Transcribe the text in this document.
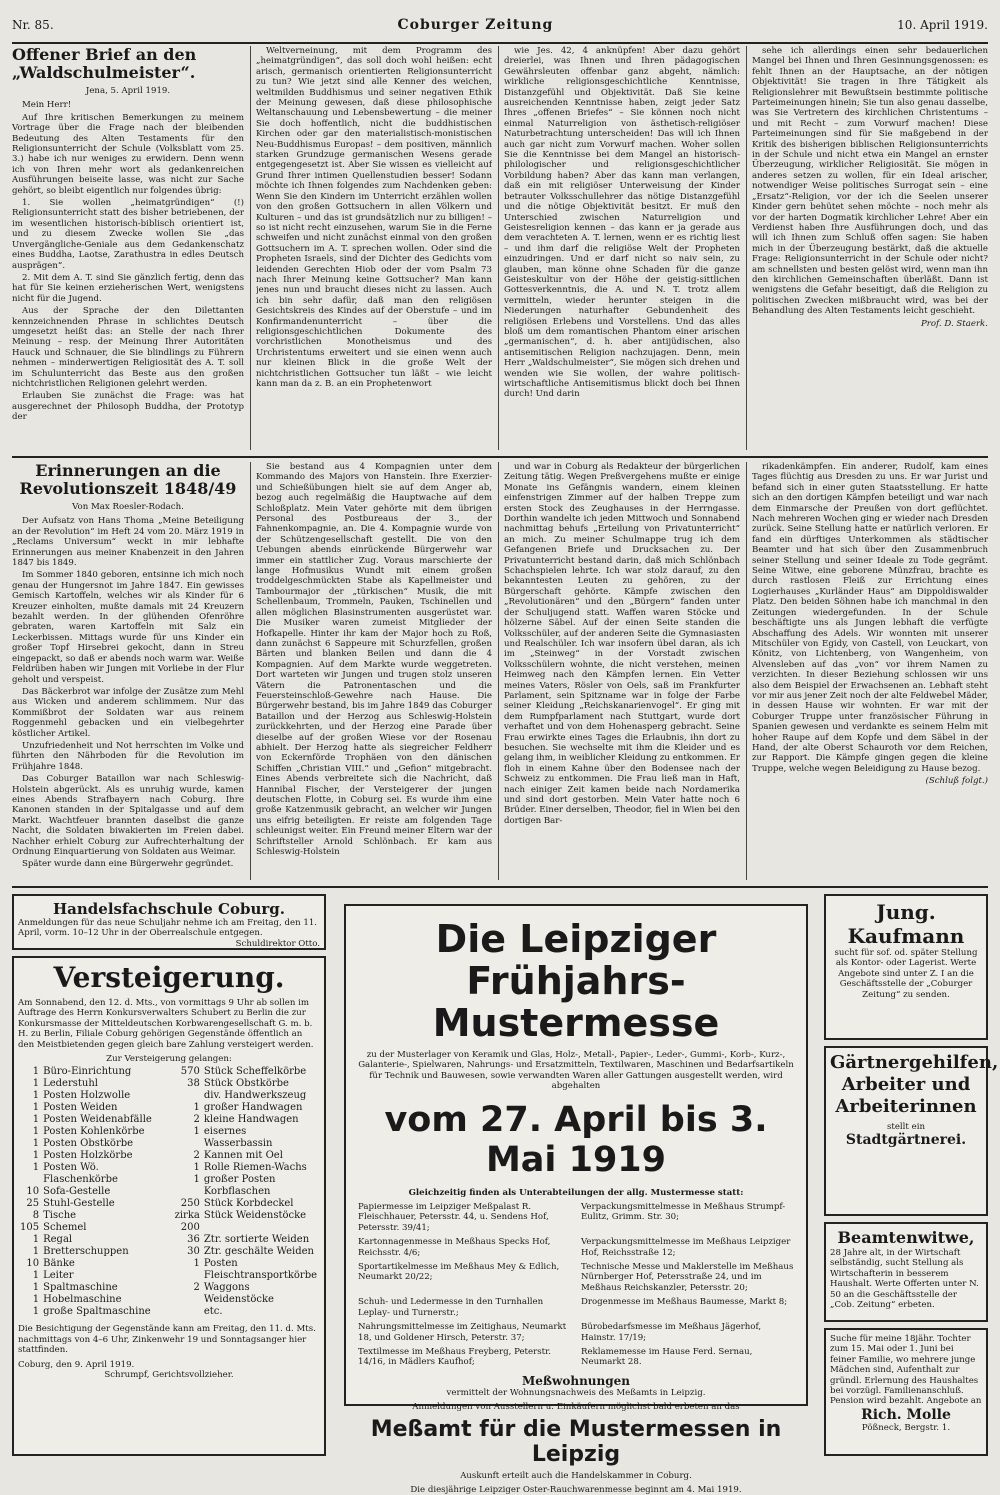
Nr. 85.	Coburger Zeitung	10. April 1919.
Offener Brief an den „Waldschulmeister“.
Jena, 5. April 1919.

Mein Herr!

Auf Ihre kritischen Bemerkungen zu meinem Vortrage über die Frage nach der bleibenden Bedeutung des Alten Testaments für den Religionsunterricht der Schule (Volksblatt vom 25. 3.) habe ich nur weniges zu erwidern. Denn wenn ich von Ihren mehr wort als gedankenreichen Ausführungen beiseite lasse, was nicht zur Sache gehört, so bleibt eigentlich nur folgendes übrig:

1. Sie wollen „heimatgründigen“ (!) Religionsunterricht statt des bisher betriebenen, der im wesentlichen historisch-biblisch orientiert ist, und zu diesem Zwecke wollen Sie „das Unvergängliche-Geniale aus dem Gedankenschatz eines Buddha, Laotse, Zarathustra in edles Deutsch ausprägen“.

2. Mit dem A. T. sind Sie gänzlich fertig, denn das hat für Sie keinen erzieherischen Wert, wenigstens nicht für die Jugend.

Aus der Sprache der den Dilettanten kennzeichnenden Phrase in schlichtes Deutsch umgesetzt heißt das: an Stelle der nach Ihrer Meinung – resp. der Meinung Ihrer Autoritäten Hauck und Schnauer, die Sie blindlings zu Führern nehmen – minderwertigen Religiosität des A. T. soll im Schulunterricht das Beste aus den großen nichtchristlichen Religionen gelehrt werden.

Erlauben Sie zunächst die Frage: was hat ausgerechnet der Philosoph Buddha, der Prototyp der

Weltverneinung, mit dem Programm des „heimatgründigen“, das soll doch wohl heißen: echt arisch, germanisch orientierten Religionsunterricht zu tun? Wie jetzt sind alle Kenner des weichen, weltmilden Buddhismus und seiner negativen Ethik der Meinung gewesen, daß diese philosophische Weltanschauung und Lebensbewertung – die meiner Sie doch hoffentlich, nicht die buddhistischen Kirchen oder gar den materialistisch-monistischen Neu-Buddhismus Europas! – dem positiven, männlich starken Grundzuge germanischen Wesens gerade entgegengesetzt ist. Aber Sie wissen es vielleicht auf Grund Ihrer intimen Quellenstudien besser! Sodann möchte ich Ihnen folgendes zum Nachdenken geben: Wenn Sie den Kindern im Unterricht erzählen wollen von den großen Gottsuchern in allen Völkern und Kulturen – und das ist grundsätzlich nur zu billigen! – so ist nicht recht einzusehen, warum Sie in die Ferne schweifen und nicht zunächst einmal von den großen Gottsuchern im A. T. sprechen wollen. Oder sind die Propheten Israels, sind der Dichter des Gedichts vom leidenden Gerechten Hiob oder der vom Psalm 73 nach Ihrer Meinung keine Gottsucher? Man kann jenes nun und braucht dieses nicht zu lassen. Auch ich bin sehr dafür, daß man den religiösen Gesichtskreis des Kindes auf der Oberstufe – und im Konfirmandenunterricht – über die religionsgeschichtlichen Dokumente des vorchristlichen Monotheismus und des Urchristentums erweitert und sie einen wenn auch nur kleinen Blick in die große Welt der nichtchristlichen Gottsucher tun läßt – wie leicht kann man da z. B. an ein Prophetenwort

wie Jes. 42, 4 anknüpfen! Aber dazu gehört dreierlei, was Ihnen und Ihren pädagogischen Gewährsleuten offenbar ganz abgeht, nämlich: wirkliche religionsgeschichtliche Kenntnisse, Distanzgefühl und Objektivität. Daß Sie keine ausreichenden Kenntnisse haben, zeigt jeder Satz Ihres „offenen Briefes“ – Sie können noch nicht einmal Naturreligion von ästhetisch-religiöser Naturbetrachtung unterscheiden! Das will ich Ihnen auch gar nicht zum Vorwurf machen. Woher sollen Sie die Kenntnisse bei dem Mangel an historisch-philologischer und religionsgeschichtlicher Vorbildung haben? Aber das kann man verlangen, daß ein mit religiöser Unterweisung der Kinder betrauter Volksschullehrer das nötige Distanzgefühl und die nötige Objektivität besitzt. Er muß den Unterschied zwischen Naturreligion und Geistesreligion kennen – das kann er ja gerade aus dem verachteten A. T. lernen, wenn er es richtig liest – und ihm darf die religiöse Welt der Propheten einzudringen. Und er darf nicht so naiv sein, zu glauben, man könne ohne Schaden für die ganze Geisteskultur von der Höhe der geistig-sittlichen Gottesverkenntnis, die A. und N. T. trotz allem vermitteln, wieder herunter steigen in die Niederungen naturhafter Gebundenheit des religiösen Erlebens und Vorstellens. Und das alles bloß um dem romantischen Phantom einer arischen „germanischen“, d. h. aber antijüdischen, also antisemitischen Religion nachzujagen. Denn, mein Herr „Waldschulmeister“, Sie mögen sich drehen und wenden wie Sie wollen, der wahre politisch-wirtschaftliche Antisemitismus blickt doch bei Ihnen durch! Und darin

sehe ich allerdings einen sehr bedauerlichen Mangel bei Ihnen und Ihren Gesinnungsgenossen: es fehlt Ihnen an der Hauptsache, an der nötigen Objektivität! Sie tragen in Ihre Tätigkeit als Religionslehrer mit Bewußtsein bestimmte politische Parteimeinungen hinein; Sie tun also genau dasselbe, was Sie Vertretern des kirchlichen Christentums – und mit Recht – zum Vorwurf machen! Diese Parteimeinungen sind für Sie maßgebend in der Kritik des bisherigen biblischen Religionsunterrichts in der Schule und nicht etwa ein Mangel an ernster Überzeugung, wirklicher Religiosität. Sie mögen in anderes setzen zu wollen, für ein Ideal arischer, notwendiger Weise politisches Surrogat sein – eine „Ersatz“-Religion, vor der ich die Seelen unserer Kinder gern behütet sehen möchte – noch mehr als vor der harten Dogmatik kirchlicher Lehre! Aber ein Verdienst haben Ihre Ausführungen doch, und das will ich Ihnen zum Schluß offen sagen: Sie haben mich in der Überzeugung bestärkt, daß die aktuelle Frage: Religionsunterricht in der Schule oder nicht? am schnellsten und besten gelöst wird, wenn man ihn den kirchlichen Gemeinschaften überläßt. Dann ist wenigstens die Gefahr beseitigt, daß die Religion zu politischen Zwecken mißbraucht wird, was bei der Behandlung des Alten Testaments leicht geschieht.

Prof. D. Staerk.
Erinnerungen an die Revolutionszeit 1848/49
Von Max Roesler-Rodach.

Der Aufsatz von Hans Thoma „Meine Beteiligung an der Revolution“ im Heft 24 vom 20. März 1919 in „Reclams Universum“ weckt in mir lebhafte Erinnerungen aus meiner Knabenzeit in den Jahren 1847 bis 1849.

Im Sommer 1840 geboren, entsinne ich mich noch genau der Hungersnot im Jahre 1847. Ein gewisses Gemisch Kartoffeln, welches wir als Kinder für 6 Kreuzer einholten, mußte damals mit 24 Kreuzern bezahlt werden. In der glühenden Ofenröhre gebraten, waren Kartoffeln mit Salz ein Leckerbissen. Mittags wurde für uns Kinder ein großer Topf Hirsebrei gekocht, dann in Streu eingepackt, so daß er abends noch warm war. Weiße Feldrüben haben wir Jungen mit Vorliebe in der Flur geholt und verspeist.

Das Bäckerbrot war infolge der Zusätze zum Mehl aus Wicken und anderem schlimmem. Nur das Kommißbrot der Soldaten war aus reinem Roggenmehl gebacken und ein vielbegehrter köstlicher Artikel.

Unzufriedenheit und Not herrschten im Volke und führten den Nährboden für die Revolution im Frühjahre 1848.

Das Coburger Bataillon war nach Schleswig-Holstein abgerückt. Als es unruhig wurde, kamen eines Abends Strafbayern nach Coburg. Ihre Kanonen standen in der Spitalgasse und auf dem Markt. Wachtfeuer brannten daselbst die ganze Nacht, die Soldaten biwakierten im Freien dabei. Nachher erhielt Coburg zur Aufrechterhaltung der Ordnung Einquartierung von Soldaten aus Weimar.

Später wurde dann eine Bürgerwehr gegründet.

Sie bestand aus 4 Kompagnien unter dem Kommando des Majors von Hanstein. Ihre Exerzier- und Schießübungen hielt sie auf dem Anger ab, bezog auch regelmäßig die Hauptwache auf dem Schloßplatz. Mein Vater gehörte mit dem übrigen Personal des Postbureaus der 3., der Fahnenkompagnie, an. Die 4. Kompagnie wurde von der Schützengesellschaft gestellt. Die von den Uebungen abends einrückende Bürgerwehr war immer ein stattlicher Zug. Voraus marschierte der lange Hofmusikus Wundt mit einem großen troddelgeschmückten Stabe als Kapellmeister und Tambourmajor der „türkischen“ Musik, die mit Schellenbaum, Trommeln, Pauken, Tschinellen und allen möglichen Blasinstrumenten ausgerüstet war. Die Musiker waren zumeist Mitglieder der Hofkapelle. Hinter ihr kam der Major hoch zu Roß, dann zunächst 6 Sappeure mit Schurzfellen, großen Bärten und blanken Beilen und dann die 4 Kompagnien. Auf dem Markte wurde weggetreten. Dort warteten wir Jungen und trugen stolz unseren Vätern die Patronentaschen und die Feuersteinschloß-Gewehre nach Hause. Die Bürgerwehr bestand, bis im Jahre 1849 das Coburger Bataillon und der Herzog aus Schleswig-Holstein zurückkehrten, und der Herzog eine Parade über dieselbe auf der großen Wiese vor der Rosenau abhielt. Der Herzog hatte als siegreicher Feldherr von Eckernförde Trophäen von den dänischen Schiffen „Christian VIII.“ und „Gefion“ mitgebracht. Eines Abends verbreitete sich die Nachricht, daß Hannibal Fischer, der Versteigerer der jungen deutschen Flotte, in Coburg sei. Es wurde ihm eine große Katzenmusik gebracht, an welcher wir Jungen uns eifrig beteiligten. Er reiste am folgenden Tage schleunigst weiter. Ein Freund meiner Eltern war der Schriftsteller Arnold Schlönbach. Er kam aus Schleswig-Holstein

und war in Coburg als Redakteur der bürgerlichen Zeitung tätig. Wegen Preßvergehens mußte er einige Monate ins Gefängnis wandern, einem kleinen einfenstrigen Zimmer auf der halben Treppe zum ersten Stock des Zeughauses in der Herrngasse. Dorthin wandelte ich jeden Mittwoch und Sonnabend nachmittag behufs „Erteilung von Privatunterricht“ an mich. Zu meiner Schulmappe trug ich dem Gefangenen Briefe und Drucksachen zu. Der Privatunterricht bestand darin, daß mich Schlönbach Schachspielen lehrte. Ich war stolz darauf, zu den bekanntesten Leuten zu gehören, zu der Bürgerschaft gehörte. Kämpfe zwischen den „Revolutionären“ und den „Bürgern“ fanden unter der Schuljugend statt. Waffen waren Stöcke und hölzerne Säbel. Auf der einen Seite standen die Volksschüler, auf der anderen Seite die Gymnasiasten und Realschüler. Ich war insofern übel daran, als ich im „Steinweg“ in der Vorstadt zwischen Volksschülern wohnte, die nicht verstehen, meinen Heimweg nach den Kämpfen lernen. Ein Vetter meines Vaters, Rösler von Oels, saß im Frankfurter Parlament, sein Spitzname war in folge der Farbe seiner Kleidung „Reichskanarienvogel“. Er ging mit dem Rumpfparlament nach Stuttgart, wurde dort verhaftet und von dem Hohenasperg gebracht. Seine Frau erwirkte eines Tages die Erlaubnis, ihn dort zu besuchen. Sie wechselte mit ihm die Kleider und es gelang ihm, in weiblicher Kleidung zu entkommen. Er floh in einem Kahne über den Bodensee nach der Schweiz zu entkommen. Die Frau ließ man in Haft, nach einiger Zeit kamen beide nach Nordamerika und sind dort gestorben. Mein Vater hatte noch 6 Brüder. Einer derselben, Theodor, fiel in Wien bei den dortigen Bar-

rikadenkämpfen. Ein anderer, Rudolf, kam eines Tages flüchtig aus Dresden zu uns. Er war Jurist und befand sich in einer guten Staatsstellung. Er hatte sich an den dortigen Kämpfen beteiligt und war nach dem Einmarsche der Preußen von dort geflüchtet. Nach mehreren Wochen ging er wieder nach Dresden zurück. Seine Stellung hatte er natürlich verloren. Er fand ein dürftiges Unterkommen als städtischer Beamter und hat sich über den Zusammenbruch seiner Stellung und seiner Ideale zu Tode gegrämt. Seine Witwe, eine geborene Münzfrau, brachte es durch rastlosen Fleiß zur Errichtung eines Logierhauses „Kurländer Haus“ am Dippoldiswalder Platz. Den beiden Söhnen habe ich manchmal in den Zeitungen wiedergefunden. In der Schule beschäftigte uns als Jungen lebhaft die verfügte Abschaffung des Adels. Wir wonnten mit unserer Mitschüler von Egidy, von Castell, von Leuckart, von Könitz, von Lichtenberg, von Wangenheim, von Alvensleben auf das „von“ vor ihrem Namen zu verzichten. In dieser Beziehung schlossen wir uns also dem Beispiel der Erwachsenen an. Lebhaft steht vor mir aus jener Zeit noch der alte Feldwebel Mäder, in dessen Hause wir wohnten. Er war mit der Coburger Truppe unter französischer Führung in Spanien gewesen und verdankte es seinem Helm mit hoher Raupe auf dem Kopfe und dem Säbel in der Hand, der alte Oberst Schauroth vor dem Reichen, zur Rapport. Die Kämpfe gingen gegen die kleine Truppe, welche wegen Beleidigung zu Hause bezog.

(Schluß folgt.)
Handelsfachschule Coburg.
Anmeldungen für das neue Schuljahr nehme ich am Freitag, den 11. April, vorm. 10–12 Uhr in der Oberrealschule entgegen.
Schuldirektor Otto.
Versteigerung.
Am Sonnabend, den 12. d. Mts., von vormittags 9 Uhr ab sollen im Auftrage des Herrn Konkursverwalters Schubert zu Berlin die zur Konkursmasse der Mitteldeutschen Korbwarengesellschaft G. m. b. H. zu Berlin, Filiale Coburg gehörigen Gegenstände öffentlich an den Meistbietenden gegen gleich bare Zahlung versteigert werden.
Zur Versteigerung gelangen:
1	Büro-Einrichtung
1	Lederstuhl
1	Posten Holzwolle
1	Posten Weiden
1	Posten Weidenabfälle
1	Posten Kohlenkörbe
1	Posten Obstkörbe
1	Posten Holzkörbe
1	Posten Wö. Flaschenkörbe
10	Sofa-Gestelle
25	Stuhl-Gestelle
8	Tische
105	Schemel
1	Regal
1	Bretterschuppen
10	Bänke
1	Leiter
1	Spaltmaschine
1	Hobelmaschine
1	große Spaltmaschine
570	Stück Scheffelkörbe
38	Stück Obstkörbe
	div. Handwerkszeug
1	großer Handwagen
2	kleine Handwagen
1	eisernes Wasserbassin
2	Kannen mit Oel
1	Rolle Riemen-Wachs
1	großer Posten Korbflaschen
250	Stück Korbdeckel
zirka 200	Stück Weidenstöcke
36	Ztr. sortierte Weiden
30	Ztr. geschälte Weiden
1	Posten Fleischtransportkörbe
2	Waggons Weidenstöcke
	etc.
Die Besichtigung der Gegenstände kann am Freitag, den 11. d. Mts. nachmittags von 4–6 Uhr, Zinkenwehr 19 und Sonntagsanger hier stattfinden.
Coburg, den 9. April 1919.
Schrumpf, Gerichtsvollzieher.
Die Leipziger Frühjahrs-Mustermesse
zu der Musterlager von Keramik und Glas, Holz-, Metall-, Papier-, Leder-, Gummi-, Korb-, Kurz-, Galanterie-, Spielwaren, Nahrungs- und Ersatzmitteln, Textilwaren, Maschinen und Bedarfsartikeln für Technik und Bauwesen, sowie verwandten Waren aller Gattungen ausgestellt werden, wird abgehalten
vom 27. April bis 3. Mai 1919
Gleichzeitig finden als Unterabteilungen der allg. Mustermesse statt:
Papiermesse im Leipziger Meßpalast R. Fleischhauer, Petersstr. 44, u. Sendens Hof, Petersstr. 39/41;
Verpackungsmittelmesse in Meßhaus Strumpf-Eulitz, Grimm. Str. 30;
Kartonnagenmesse in Meßhaus Specks Hof, Reichsstr. 4/6;
Verpackungsmittelmesse im Meßhaus Leipziger Hof, Reichsstraße 12;
Sportartikelmesse im Meßhaus Mey & Edlich, Neumarkt 20/22;
Technische Messe und Maklerstelle im Meßhaus Nürnberger Hof, Petersstraße 24, und im Meßhaus Reichskanzler, Petersstr. 20;
Schuh- und Ledermesse in den Turnhallen Leplay- und Turnerstr.;
Drogenmesse im Meßhaus Baumesse, Markt 8;
Nahrungsmittelmesse im Zeitighaus, Neumarkt 18, und Goldener Hirsch, Peterstr. 37;
Bürobedarfsmesse im Meßhaus Jägerhof, Hainstr. 17/19;
Textilmesse im Meßhaus Freyberg, Peterstr. 14/16, in Mädlers Kaufhof;
Reklamemesse im Hause Ferd. Sernau, Neumarkt 28.
Meßwohnungen
vermittelt der Wohnungsnachweis des Meßamts in Leipzig.
Anmeldungen von Ausstellern u. Einkäufern möglichst bald erbeten an das
Meßamt für die Mustermessen in Leipzig
Auskunft erteilt auch die Handelskammer in Coburg.
Die diesjährige Leipziger Oster-Rauchwarenmesse beginnt am 4. Mai 1919.
Jung. Kaufmann
sucht für sof. od. später Stellung als Kontor- oder Lagerist. Werte Angebote sind unter Z. I an die Geschäftsstelle der „Coburger Zeitung“ zu senden.
Gärtnergehilfen,
Arbeiter und
Arbeiterinnen
stellt ein
Stadtgärtnerei.
Beamtenwitwe,
28 Jahre alt, in der Wirtschaft selbständig, sucht Stellung als Wirtschafterin in besserem Haushalt. Werte Offerten unter N. 50 an die Geschäftsstelle der „Cob. Zeitung“ erbeten.
Suche für meine 18jähr. Tochter zum 15. Mai oder 1. Juni bei feiner Familie, wo mehrere junge Mädchen sind, Aufenthalt zur gründl. Erlernung des Haushaltes bei vorzügl. Familienanschluß. Pension wird bezahlt. Angebote an
Rich. Molle
Pößneck, Bergstr. 1.
